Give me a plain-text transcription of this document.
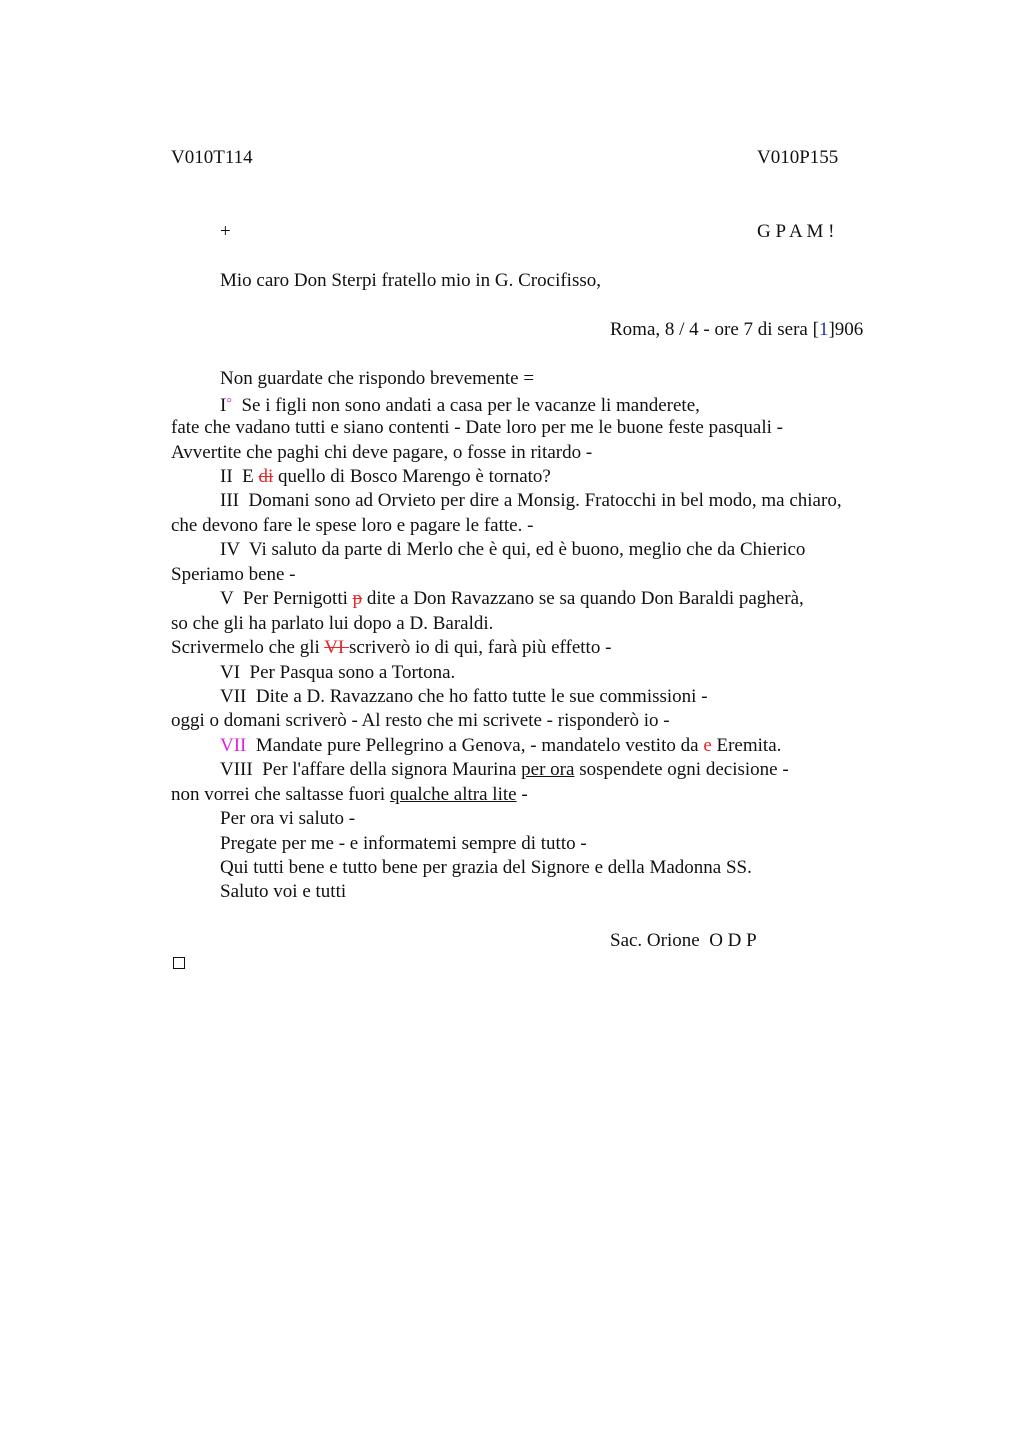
V010T114	V010P155
+	G P A M !
Mio caro Don Sterpi fratello mio in G. Crocifisso,
Roma, 8 / 4 - ore 7 di sera [1]906
Non guardate che rispondo brevemente =
I°  Se i figli non sono andati a casa per le vacanze li manderete,
fate che vadano tutti e siano contenti - Date loro per me le buone feste pasquali -
Avvertite che paghi chi deve pagare, o fosse in ritardo -
II  E di quello di Bosco Marengo è tornato?
III  Domani sono ad Orvieto per dire a Monsig. Fratocchi in bel modo, ma chiaro,
che devono fare le spese loro e pagare le fatte. -
IV  Vi saluto da parte di Merlo che è qui, ed è buono, meglio che da Chierico
Speriamo bene -
V  Per Pernigotti p dite a Don Ravazzano se sa quando Don Baraldi pagherà,
so che gli ha parlato lui dopo a D. Baraldi.
Scrivermelo che gli VI scriverò io di qui, farà più effetto -
VI  Per Pasqua sono a Tortona.
VII  Dite a D. Ravazzano che ho fatto tutte le sue commissioni -
oggi o domani scriverò - Al resto che mi scrivete - risponderò io -
VII  Mandate pure Pellegrino a Genova, - mandatelo vestito da e Eremita.
VIII  Per l'affare della signora Maurina per ora sospendete ogni decisione -
non vorrei che saltasse fuori qualche altra lite -
Per ora vi saluto -
Pregate per me - e informatemi sempre di tutto -
Qui tutti bene e tutto bene per grazia del Signore e della Madonna SS.
Saluto voi e tutti
Sac. Orione  O D P
